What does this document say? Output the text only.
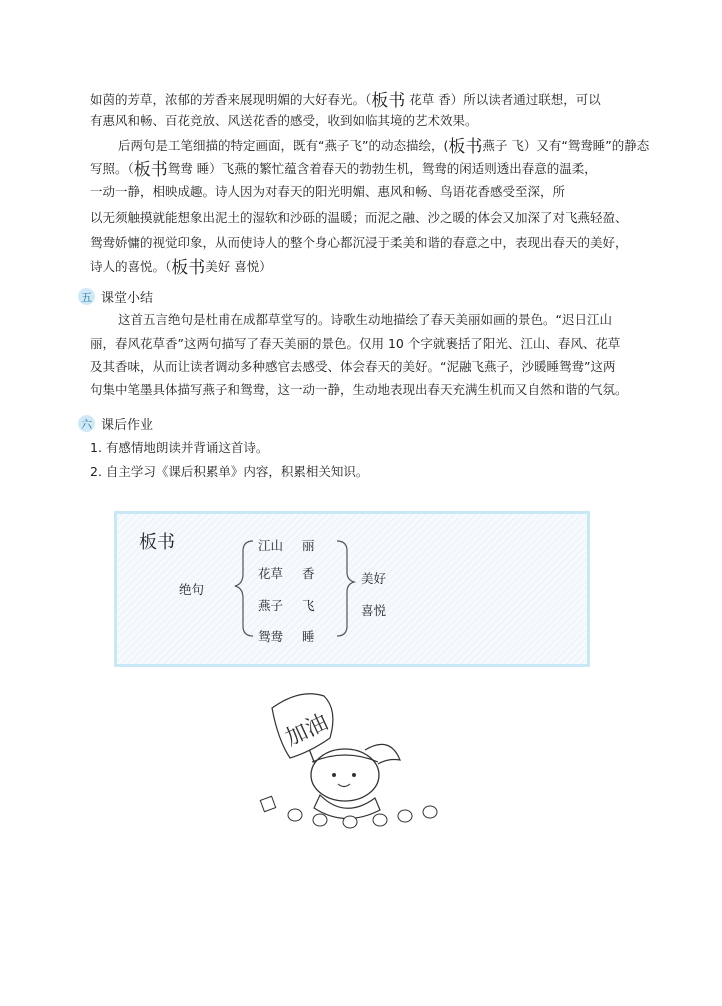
如茵的芳草，浓郁的芳香来展现明媚的大好春光。（板书 花草 香）所以读者通过联想，可以
有惠风和畅、百花竞放、风送花香的感受，收到如临其境的艺术效果。
后两句是工笔细描的特定画面，既有“燕子飞”的动态描绘，(板书燕子 飞）又有“鸳鸯睡”的静态
写照。（板书鸳鸯 睡）飞燕的繁忙蕴含着春天的勃勃生机，鸳鸯的闲适则透出春意的温柔，
一动一静，相映成趣。诗人因为对春天的阳光明媚、惠风和畅、鸟语花香感受至深，所
以无须触摸就能想象出泥土的湿软和沙砾的温暖；而泥之融、沙之暖的体会又加深了对飞燕轻盈、
鸳鸯娇慵的视觉印象，从而使诗人的整个身心都沉浸于柔美和谐的春意之中，表现出春天的美好，
诗人的喜悦。（板书美好 喜悦）
五 课堂小结
这首五言绝句是杜甫在成都草堂写的。诗歌生动地描绘了春天美丽如画的景色。“迟日江山
丽，春风花草香”这两句描写了春天美丽的景色。仅用 10 个字就裹括了阳光、江山、春风、花草
及其香味，从而让读者调动多种感官去感受、体会春天的美好。“泥融飞燕子，沙暖睡鸳鸯”这两
句集中笔墨具体描写燕子和鸳鸯，这一动一静，生动地表现出春天充满生机而又自然和谐的气氛。
六 课后作业
1. 有感情地朗读并背诵这首诗。
2. 自主学习《课后积累单》内容，积累相关知识。
板书
绝句
江山 丽
花草 香
燕子 飞
鸳鸯 睡
美好
喜悦
加油
